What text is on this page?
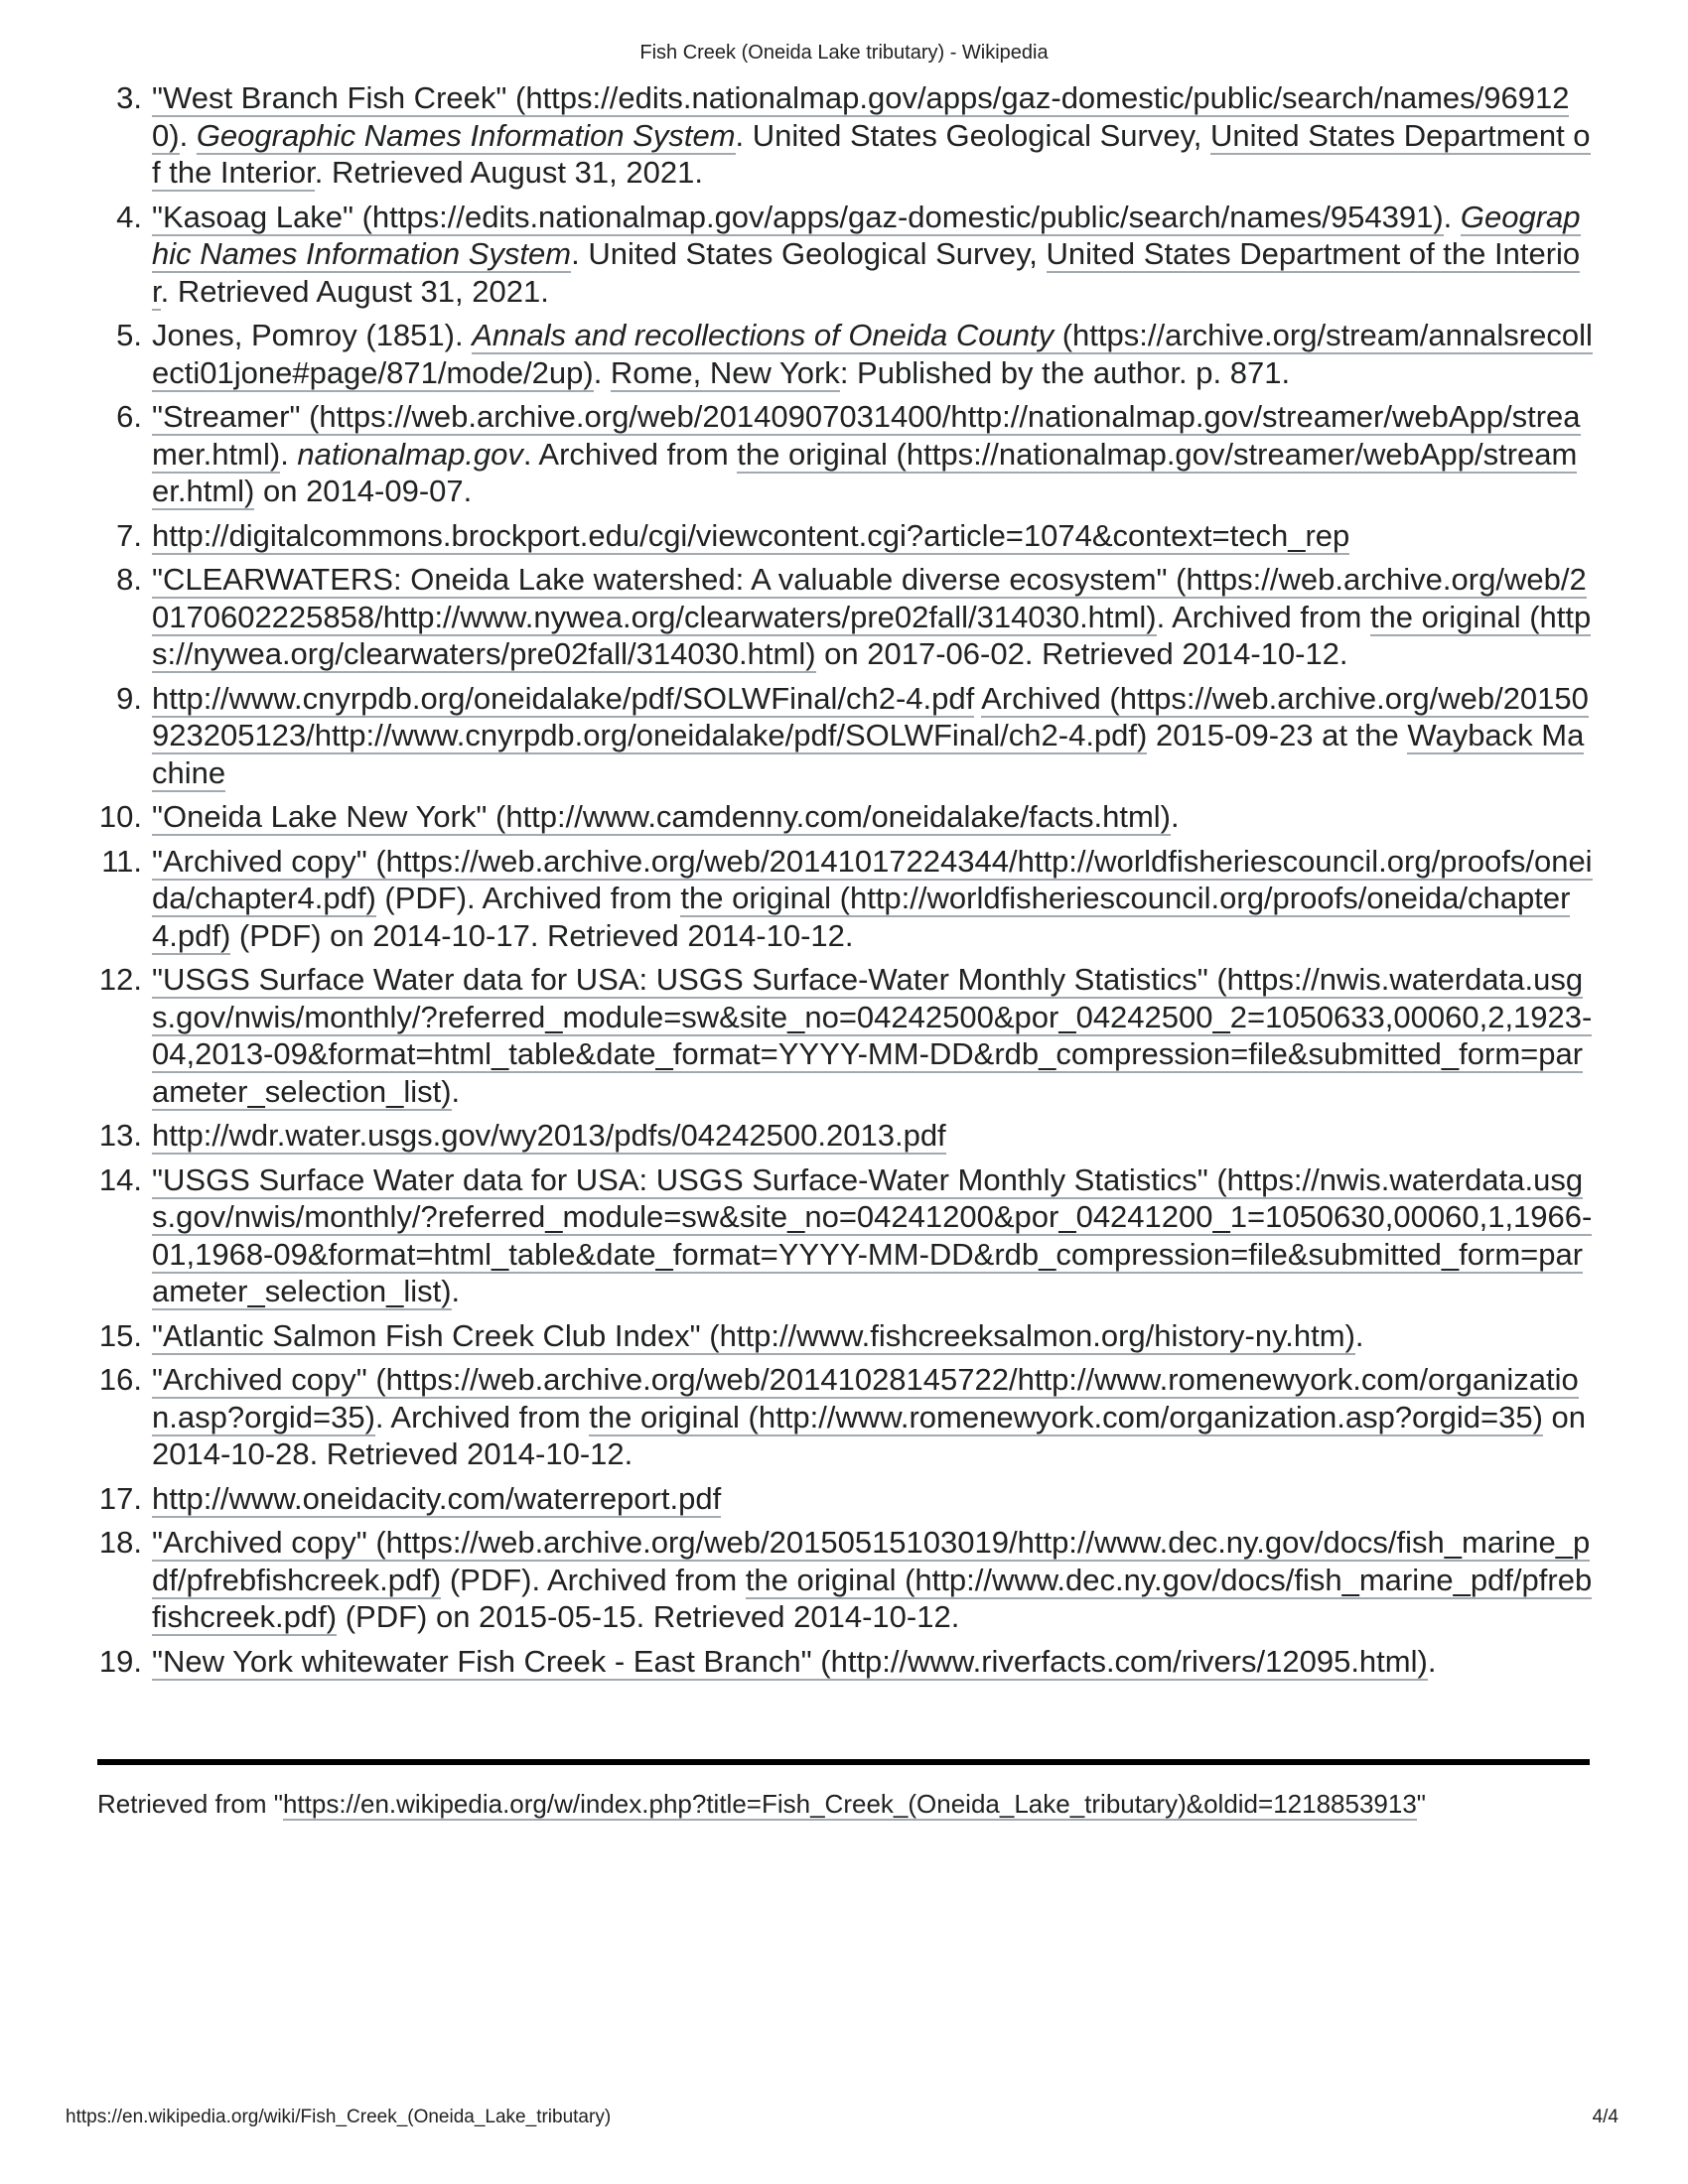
Fish Creek (Oneida Lake tributary) - Wikipedia
3. "West Branch Fish Creek" (https://edits.nationalmap.gov/apps/gaz-domestic/public/search/names/969120). Geographic Names Information System. United States Geological Survey, United States Department of the Interior. Retrieved August 31, 2021.
4. "Kasoag Lake" (https://edits.nationalmap.gov/apps/gaz-domestic/public/search/names/954391). Geographic Names Information System. United States Geological Survey, United States Department of the Interior. Retrieved August 31, 2021.
5. Jones, Pomroy (1851). Annals and recollections of Oneida County (https://archive.org/stream/annalsrecollecti01jone#page/871/mode/2up). Rome, New York: Published by the author. p. 871.
6. "Streamer" (https://web.archive.org/web/20140907031400/http://nationalmap.gov/streamer/webApp/streamer.html). nationalmap.gov. Archived from the original (https://nationalmap.gov/streamer/webApp/streamer.html) on 2014-09-07.
7. http://digitalcommons.brockport.edu/cgi/viewcontent.cgi?article=1074&context=tech_rep
8. "CLEARWATERS: Oneida Lake watershed: A valuable diverse ecosystem" (https://web.archive.org/web/20170602225858/http://www.nywea.org/clearwaters/pre02fall/314030.html). Archived from the original (https://nywea.org/clearwaters/pre02fall/314030.html) on 2017-06-02. Retrieved 2014-10-12.
9. http://www.cnyrpdb.org/oneidalake/pdf/SOLWFinal/ch2-4.pdf Archived (https://web.archive.org/web/20150923205123/http://www.cnyrpdb.org/oneidalake/pdf/SOLWFinal/ch2-4.pdf) 2015-09-23 at the Wayback Machine
10. "Oneida Lake New York" (http://www.camdenny.com/oneidalake/facts.html).
11. "Archived copy" (https://web.archive.org/web/20141017224344/http://worldfisheriescouncil.org/proofs/oneida/chapter4.pdf) (PDF). Archived from the original (http://worldfisheriescouncil.org/proofs/oneida/chapter4.pdf) (PDF) on 2014-10-17. Retrieved 2014-10-12.
12. "USGS Surface Water data for USA: USGS Surface-Water Monthly Statistics" (https://nwis.waterdata.usgs.gov/nwis/monthly/?referred_module=sw&site_no=04242500&por_04242500_2=1050633,00060,2,1923-04,2013-09&format=html_table&date_format=YYYY-MM-DD&rdb_compression=file&submitted_form=parameter_selection_list).
13. http://wdr.water.usgs.gov/wy2013/pdfs/04242500.2013.pdf
14. "USGS Surface Water data for USA: USGS Surface-Water Monthly Statistics" (https://nwis.waterdata.usgs.gov/nwis/monthly/?referred_module=sw&site_no=04241200&por_04241200_1=1050630,00060,1,1966-01,1968-09&format=html_table&date_format=YYYY-MM-DD&rdb_compression=file&submitted_form=parameter_selection_list).
15. "Atlantic Salmon Fish Creek Club Index" (http://www.fishcreeksalmon.org/history-ny.htm).
16. "Archived copy" (https://web.archive.org/web/20141028145722/http://www.romenewyork.com/organization.asp?orgid=35). Archived from the original (http://www.romenewyork.com/organization.asp?orgid=35) on 2014-10-28. Retrieved 2014-10-12.
17. http://www.oneidacity.com/waterreport.pdf
18. "Archived copy" (https://web.archive.org/web/20150515103019/http://www.dec.ny.gov/docs/fish_marine_pdf/pfrebfishcreek.pdf) (PDF). Archived from the original (http://www.dec.ny.gov/docs/fish_marine_pdf/pfrebfishcreek.pdf) (PDF) on 2015-05-15. Retrieved 2014-10-12.
19. "New York whitewater Fish Creek - East Branch" (http://www.riverfacts.com/rivers/12095.html).
Retrieved from "https://en.wikipedia.org/w/index.php?title=Fish_Creek_(Oneida_Lake_tributary)&oldid=1218853913"
https://en.wikipedia.org/wiki/Fish_Creek_(Oneida_Lake_tributary)	4/4
